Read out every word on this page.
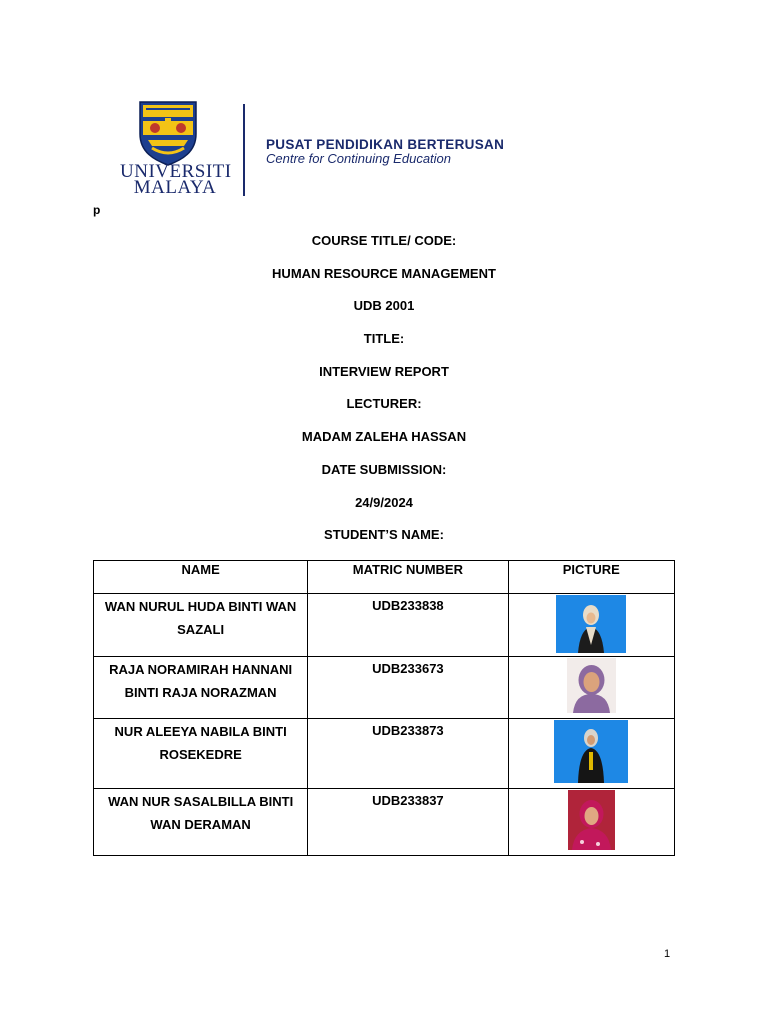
UNIVERSITI
MALAYA
PUSAT PENDIDIKAN BERTERUSAN
Centre for Continuing Education
p
COURSE TITLE/ CODE:
HUMAN RESOURCE MANAGEMENT
UDB 2001
TITLE:
INTERVIEW REPORT
LECTURER:
MADAM ZALEHA HASSAN
DATE SUBMISSION:
24/9/2024
STUDENT’S NAME:
NAME	MATRIC NUMBER	PICTURE
WAN NURUL HUDA BINTI WAN SAZALI	UDB233838	

RAJA NORAMIRAH HANNANI BINTI RAJA NORAZMAN	UDB233673	

NUR ALEEYA NABILA BINTI ROSEKEDRE	UDB233873	

WAN NUR SASALBILLA BINTI WAN DERAMAN	UDB233837	
1
